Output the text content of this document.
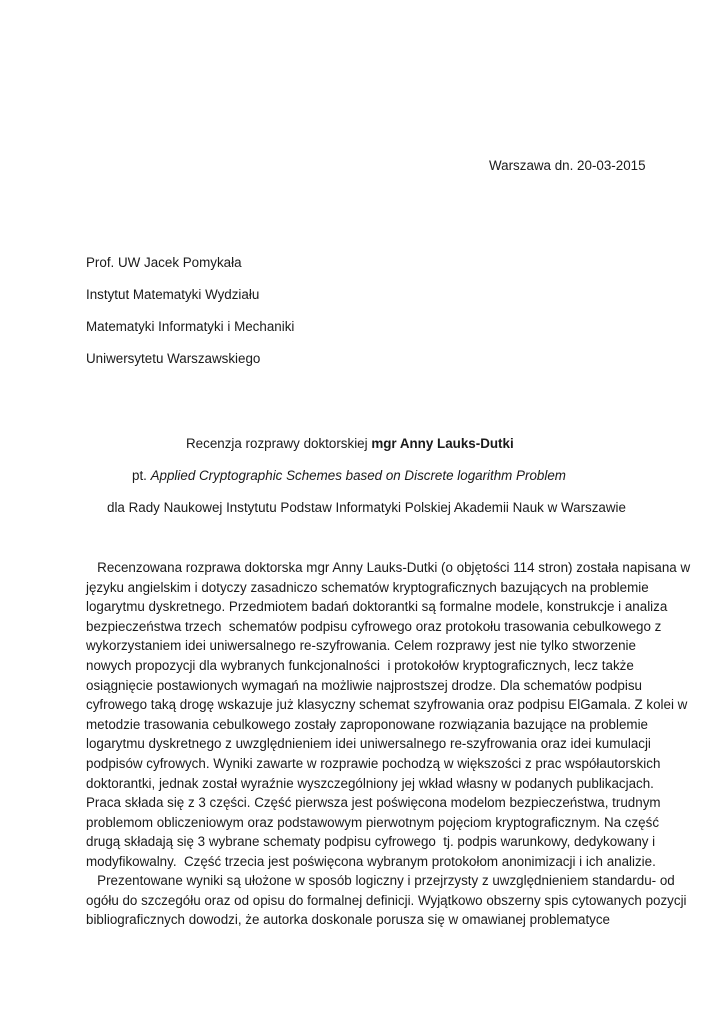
Warszawa dn. 20-03-2015
Prof. UW Jacek Pomykała
Instytut Matematyki Wydziału
Matematyki Informatyki i Mechaniki
Uniwersytetu Warszawskiego
Recenzja rozprawy doktorskiej mgr Anny Lauks-Dutki
pt. Applied Cryptographic Schemes based on Discrete logarithm Problem
dla Rady Naukowej Instytutu Podstaw Informatyki Polskiej Akademii Nauk w Warszawie
Recenzowana rozprawa doktorska mgr Anny Lauks-Dutki (o objętości 114 stron) została napisana w
języku angielskim i dotyczy zasadniczo schematów kryptograficznych bazujących na problemie
logarytmu dyskretnego. Przedmiotem badań doktorantki są formalne modele, konstrukcje i analiza
bezpieczeństwa trzech  schematów podpisu cyfrowego oraz protokołu trasowania cebulkowego z
wykorzystaniem idei uniwersalnego re-szyfrowania. Celem rozprawy jest nie tylko stworzenie
nowych propozycji dla wybranych funkcjonalności  i protokołów kryptograficznych, lecz także
osiągnięcie postawionych wymagań na możliwie najprostszej drodze. Dla schematów podpisu
cyfrowego taką drogę wskazuje już klasyczny schemat szyfrowania oraz podpisu ElGamala. Z kolei w
metodzie trasowania cebulkowego zostały zaproponowane rozwiązania bazujące na problemie
logarytmu dyskretnego z uwzględnieniem idei uniwersalnego re-szyfrowania oraz idei kumulacji
podpisów cyfrowych. Wyniki zawarte w rozprawie pochodzą w większości z prac współautorskich
doktorantki, jednak został wyraźnie wyszczególniony jej wkład własny w podanych publikacjach.
Praca składa się z 3 części. Część pierwsza jest poświęcona modelom bezpieczeństwa, trudnym
problemom obliczeniowym oraz podstawowym pierwotnym pojęciom kryptograficznym. Na część
drugą składają się 3 wybrane schematy podpisu cyfrowego  tj. podpis warunkowy, dedykowany i
modyfikowalny.  Część trzecia jest poświęcona wybranym protokołom anonimizacji i ich analizie.
Prezentowane wyniki są ułożone w sposób logiczny i przejrzysty z uwzględnieniem standardu- od
ogółu do szczegółu oraz od opisu do formalnej definicji. Wyjątkowo obszerny spis cytowanych pozycji
bibliograficznych dowodzi, że autorka doskonale porusza się w omawianej problematyce
